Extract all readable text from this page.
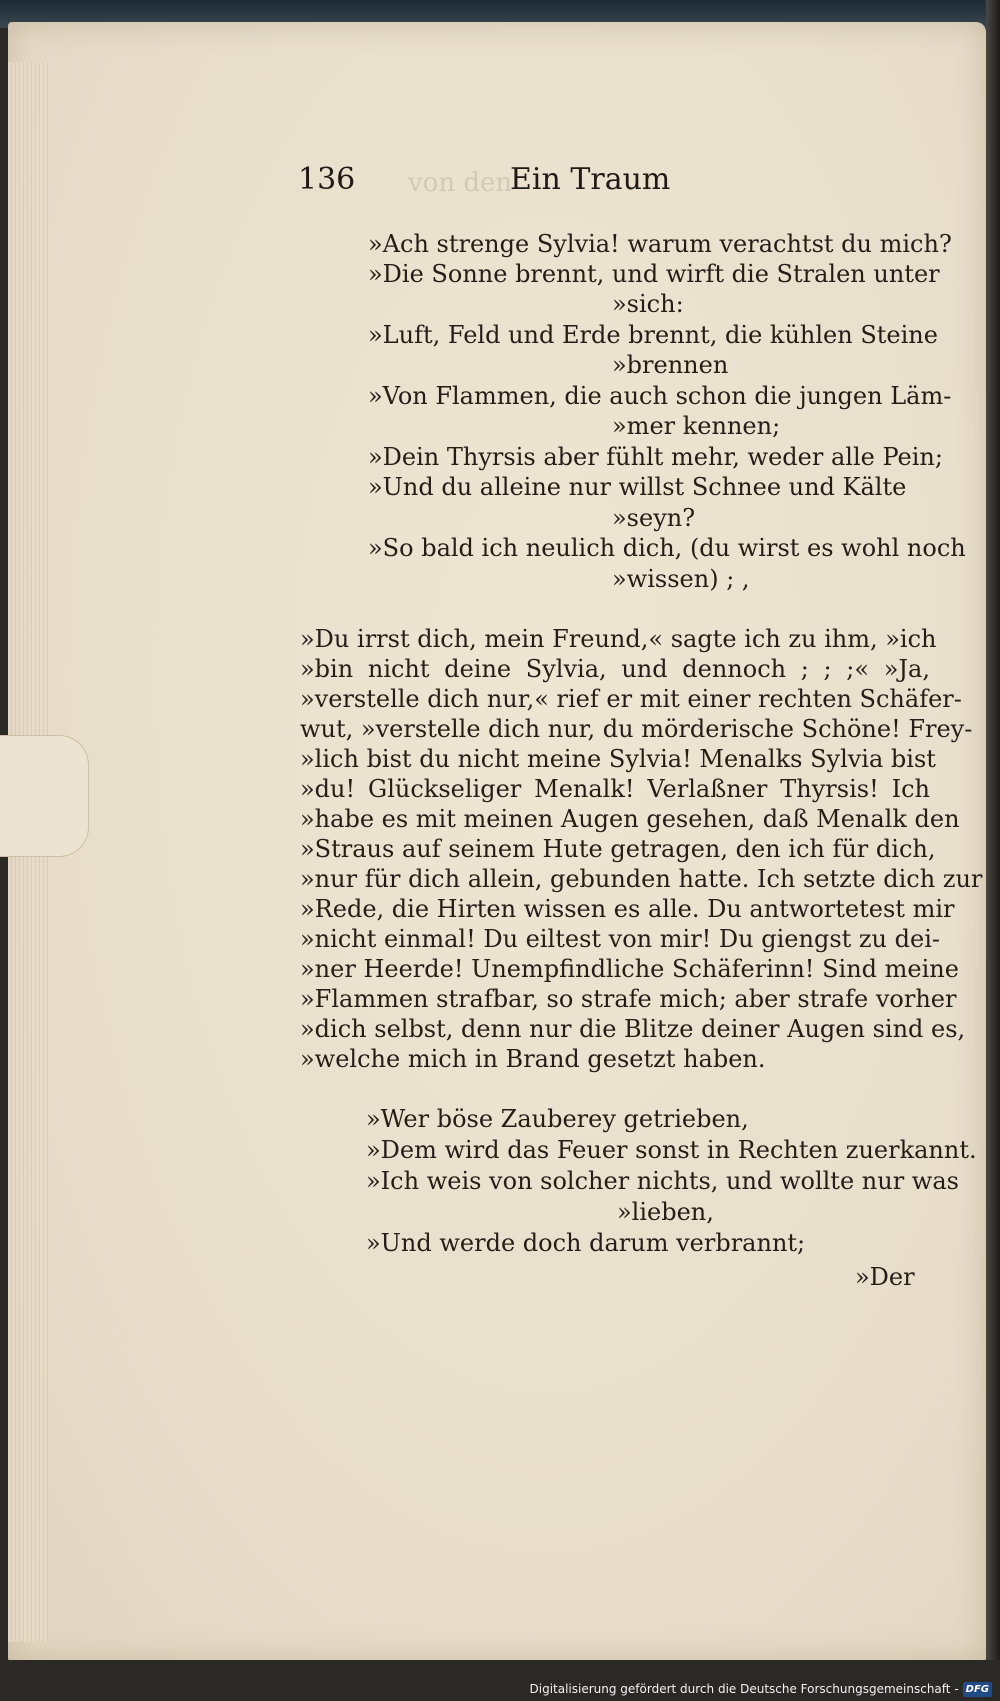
136 von den
Ein Traum
»Ach strenge Sylvia! warum verachtst du mich?
»Die Sonne brennt, und wirft die Stralen unter
»sich:
»Luft, Feld und Erde brennt, die kühlen Steine
»brennen
»Von Flammen, die auch schon die jungen Läm-
»mer kennen;
»Dein Thyrsis aber fühlt mehr, weder alle Pein;
»Und du alleine nur willst Schnee und Kälte
»seyn?
»So bald ich neulich dich, (du wirst es wohl noch
»wissen) ; ,
»Du irrst dich, mein Freund,« sagte ich zu ihm, »ich
»bin nicht deine Sylvia, und dennoch ; ; ;« »Ja,
»verstelle dich nur,« rief er mit einer rechten Schäfer-
wut, »verstelle dich nur, du mörderische Schöne! Frey-
»lich bist du nicht meine Sylvia! Menalks Sylvia bist
»du! Glückseliger Menalk! Verlaßner Thyrsis! Ich
»habe es mit meinen Augen gesehen, daß Menalk den
»Straus auf seinem Hute getragen, den ich für dich,
»nur für dich allein, gebunden hatte. Ich setzte dich zur
»Rede, die Hirten wissen es alle. Du antwortetest mir
»nicht einmal! Du eiltest von mir! Du giengst zu dei-
»ner Heerde! Unempfindliche Schäferinn! Sind meine
»Flammen strafbar, so strafe mich; aber strafe vorher
»dich selbst, denn nur die Blitze deiner Augen sind es,
»welche mich in Brand gesetzt haben.
»Wer böse Zauberey getrieben,
»Dem wird das Feuer sonst in Rechten zuerkannt.
»Ich weis von solcher nichts, und wollte nur was
»lieben,
»Und werde doch darum verbrannt;
»Der
Digitalisierung gefördert durch die Deutsche Forschungsgemeinschaft - DFG
